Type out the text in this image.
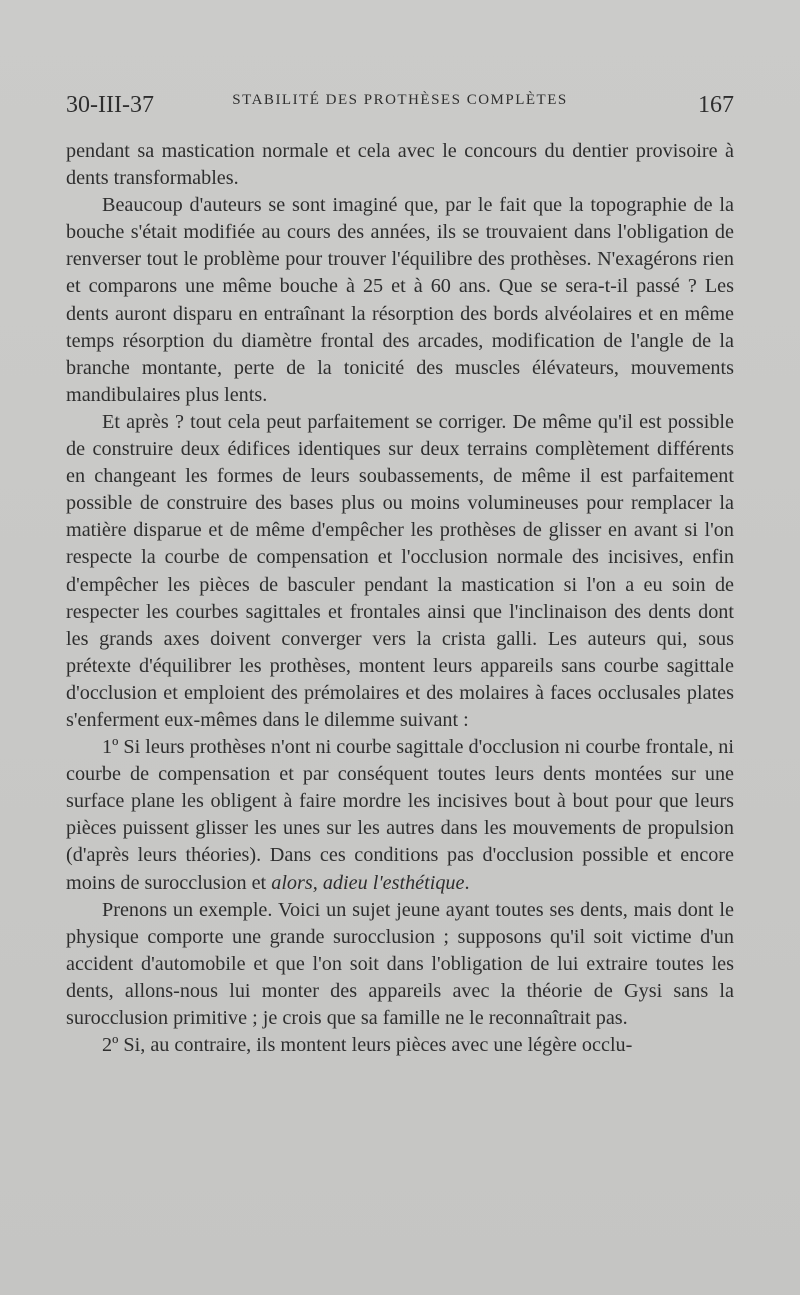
30-III-37	STABILITÉ DES PROTHÈSES COMPLÈTES	167

pendant sa mastication normale et cela avec le concours du dentier provisoire à dents transformables.

Beaucoup d'auteurs se sont imaginé que, par le fait que la topographie de la bouche s'était modifiée au cours des années, ils se trouvaient dans l'obligation de renverser tout le problème pour trouver l'équilibre des prothèses. N'exagérons rien et comparons une même bouche à 25 et à 60 ans. Que se sera-t-il passé ? Les dents auront disparu en entraînant la résorption des bords alvéolaires et en même temps résorption du diamètre frontal des arcades, modification de l'angle de la branche montante, perte de la tonicité des muscles élévateurs, mouvements mandibulaires plus lents.

Et après ? tout cela peut parfaitement se corriger. De même qu'il est possible de construire deux édifices identiques sur deux terrains complètement différents en changeant les formes de leurs soubassements, de même il est parfaitement possible de construire des bases plus ou moins volumineuses pour remplacer la matière disparue et de même d'empêcher les prothèses de glisser en avant si l'on respecte la courbe de compensation et l'occlusion normale des incisives, enfin d'empêcher les pièces de basculer pendant la mastication si l'on a eu soin de respecter les courbes sagittales et frontales ainsi que l'inclinaison des dents dont les grands axes doivent converger vers la crista galli. Les auteurs qui, sous prétexte d'équilibrer les prothèses, montent leurs appareils sans courbe sagittale d'occlusion et emploient des prémolaires et des molaires à faces occlusales plates s'enferment eux-mêmes dans le dilemme suivant :

1º Si leurs prothèses n'ont ni courbe sagittale d'occlusion ni courbe frontale, ni courbe de compensation et par conséquent toutes leurs dents montées sur une surface plane les obligent à faire mordre les incisives bout à bout pour que leurs pièces puissent glisser les unes sur les autres dans les mouvements de propulsion (d'après leurs théories). Dans ces conditions pas d'occlusion possible et encore moins de surocclusion et alors, adieu l'esthétique.

Prenons un exemple. Voici un sujet jeune ayant toutes ses dents, mais dont le physique comporte une grande surocclusion ; supposons qu'il soit victime d'un accident d'automobile et que l'on soit dans l'obligation de lui extraire toutes les dents, allons-nous lui monter des appareils avec la théorie de Gysi sans la surocclusion primitive ; je crois que sa famille ne le reconnaîtrait pas.

2º Si, au contraire, ils montent leurs pièces avec une légère occlu-
